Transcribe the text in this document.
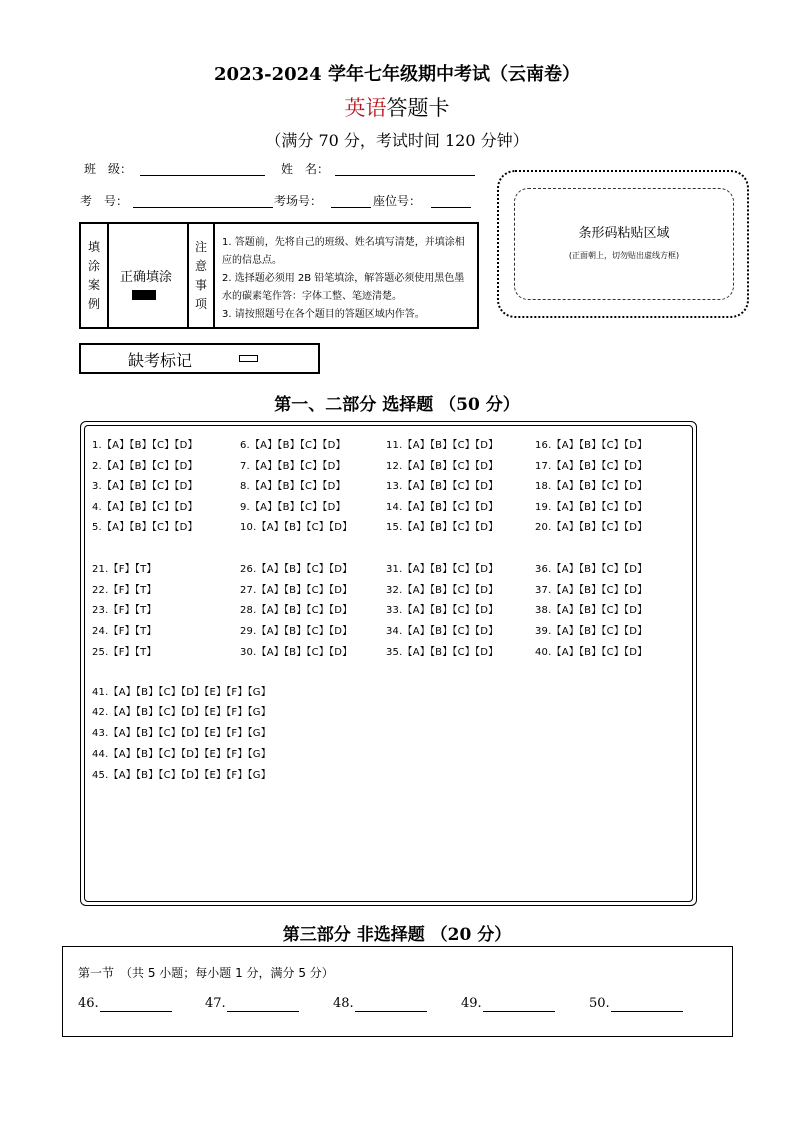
2023-2024 学年七年级期中考试（云南卷）
英语答题卡
（满分 70 分，考试时间 120 分钟）
班　级：	姓　名：
考　号：	考场号：	座位号：
条形码粘贴区域
(正面朝上，切勿贴出虚线方框)
填
涂
案
例
正确填涂
注
意
事
项
1. 答题前，先将自己的班级、姓名填写清楚，并填涂相应的信息点。
2. 选择题必须用 2B 铅笔填涂，解答题必须使用黑色墨水的碳素笔作答：字体工整、笔迹清楚。
3. 请按照题号在各个题目的答题区域内作答。
缺考标记
第一、二部分 选择题 （50 分）
1.【A】【B】【C】【D】
2.【A】【B】【C】【D】
3.【A】【B】【C】【D】
4.【A】【B】【C】【D】
5.【A】【B】【C】【D】
6.【A】【B】【C】【D】
7.【A】【B】【C】【D】
8.【A】【B】【C】【D】
9.【A】【B】【C】【D】
10.【A】【B】【C】【D】
11.【A】【B】【C】【D】
12.【A】【B】【C】【D】
13.【A】【B】【C】【D】
14.【A】【B】【C】【D】
15.【A】【B】【C】【D】
16.【A】【B】【C】【D】
17.【A】【B】【C】【D】
18.【A】【B】【C】【D】
19.【A】【B】【C】【D】
20.【A】【B】【C】【D】
21.【F】【T】
22.【F】【T】
23.【F】【T】
24.【F】【T】
25.【F】【T】
26.【A】【B】【C】【D】
27.【A】【B】【C】【D】
28.【A】【B】【C】【D】
29.【A】【B】【C】【D】
30.【A】【B】【C】【D】
31.【A】【B】【C】【D】
32.【A】【B】【C】【D】
33.【A】【B】【C】【D】
34.【A】【B】【C】【D】
35.【A】【B】【C】【D】
36.【A】【B】【C】【D】
37.【A】【B】【C】【D】
38.【A】【B】【C】【D】
39.【A】【B】【C】【D】
40.【A】【B】【C】【D】
41.【A】【B】【C】【D】【E】【F】【G】
42.【A】【B】【C】【D】【E】【F】【G】
43.【A】【B】【C】【D】【E】【F】【G】
44.【A】【B】【C】【D】【E】【F】【G】
45.【A】【B】【C】【D】【E】【F】【G】
第三部分 非选择题 （20 分）
第一节　（共 5 小题；每小题 1 分，满分 5 分）
46.	47.	48.	49.	50.
